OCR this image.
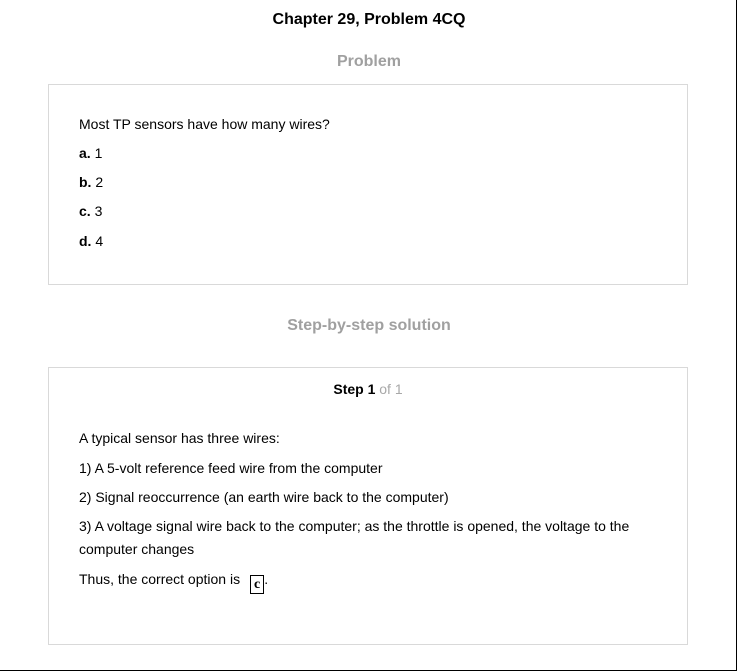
Chapter 29, Problem 4CQ
Problem
Most TP sensors have how many wires?
a. 1
b. 2
c. 3
d. 4
Step-by-step solution
Step 1 of 1
A typical sensor has three wires:
1) A 5-volt reference feed wire from the computer
2) Signal reoccurrence (an earth wire back to the computer)
3) A voltage signal wire back to the computer; as the throttle is opened, the voltage to the computer changes
Thus, the correct option is c .
